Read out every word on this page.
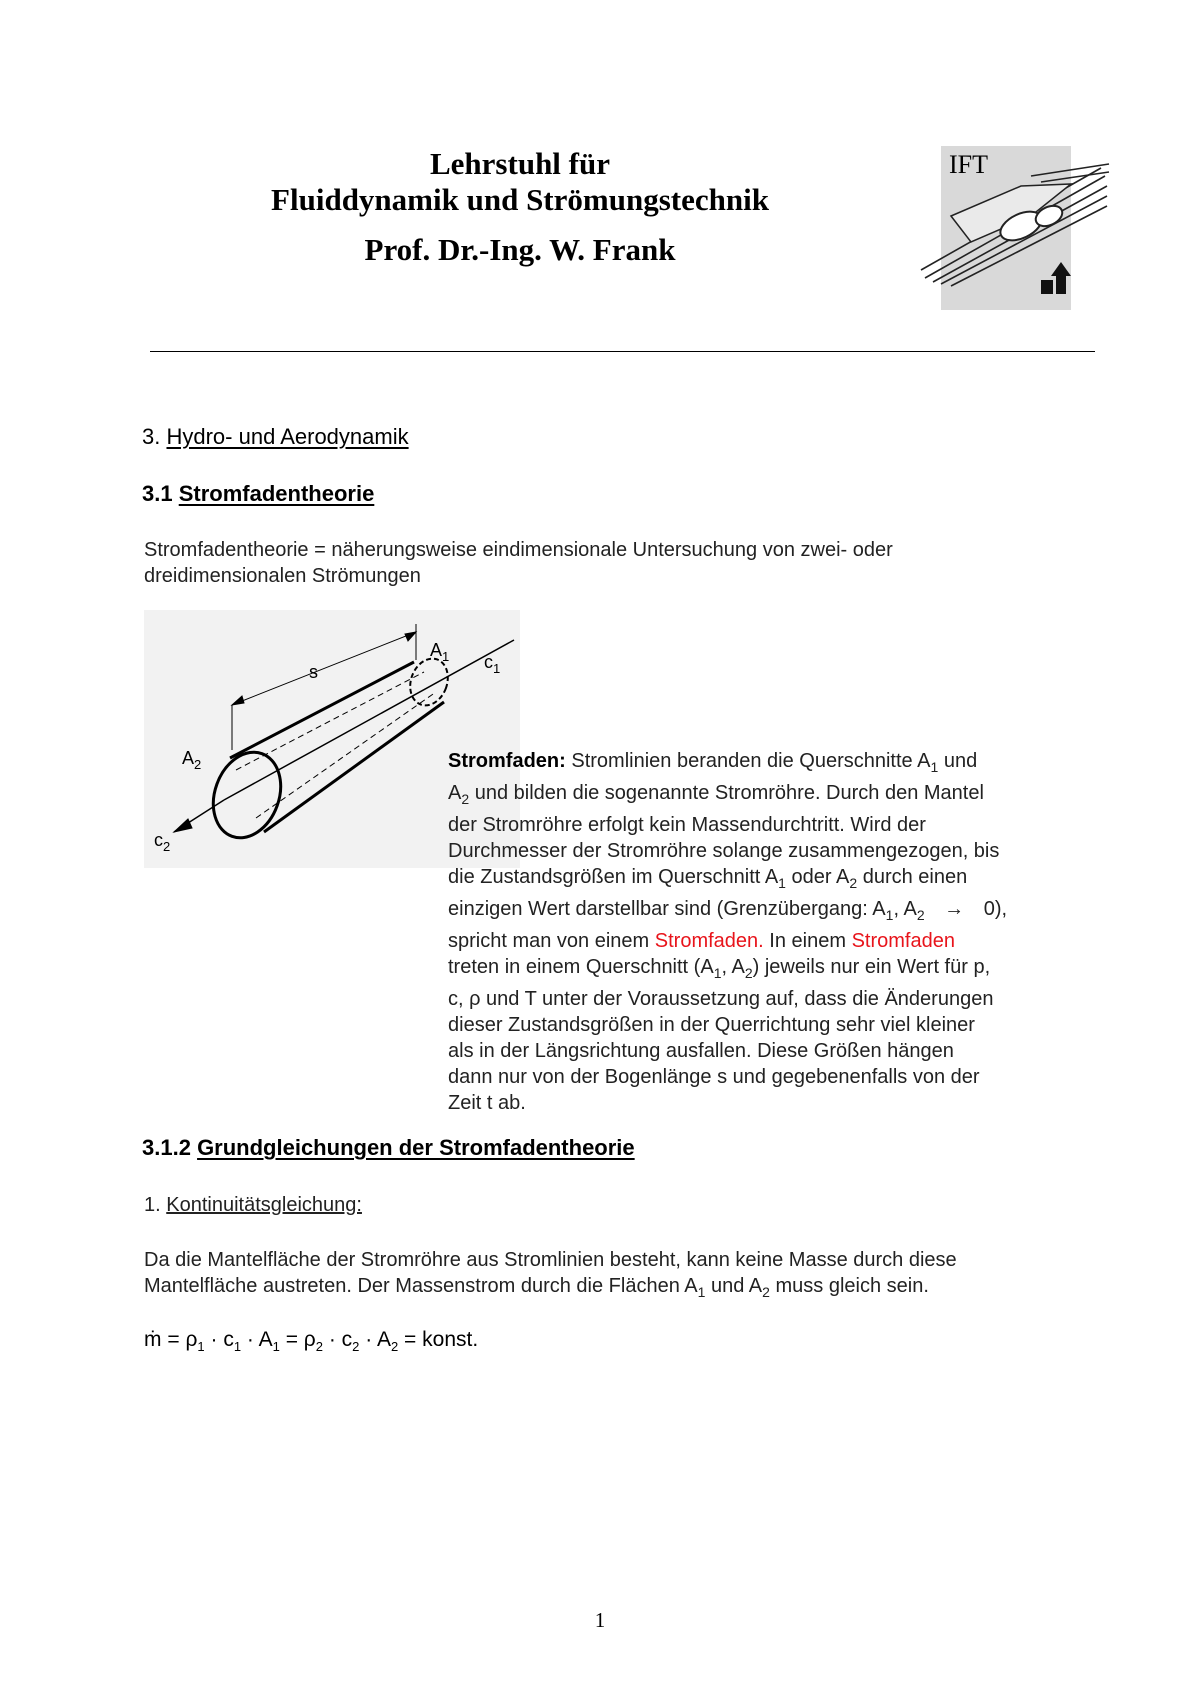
Lehrstuhl für
Fluiddynamik und Strömungstechnik
Prof. Dr.-Ing. W. Frank
IFT
3. Hydro- und Aerodynamik
3.1 Stromfadentheorie
Stromfadentheorie = näherungsweise eindimensionale Untersuchung von zwei- oder
dreidimensionalen Strömungen
s
$A_1$ $c_1$
$A_2$
$c_2$
Stromfaden: Stromlinien beranden die Querschnitte $A_1$ und
$A_2$ und bilden die sogenannte Stromröhre. Durch den Mantel
der Stromröhre erfolgt kein Massendurchtritt. Wird der
Durchmesser der Stromröhre solange zusammengezogen, bis
die Zustandsgrößen im Querschnitt $A_1$ oder $A_2$ durch einen
einzigen Wert darstellbar sind (Grenzübergang: $A_1$, $A_2 \to 0$),
spricht man von einem Stromfaden. In einem Stromfaden
treten in einem Querschnitt ($A_1$, $A_2$) jeweils nur ein Wert für p,
c, ρ und T unter der Voraussetzung auf, dass die Änderungen
dieser Zustandsgrößen in der Querrichtung sehr viel kleiner
als in der Längsrichtung ausfallen. Diese Größen hängen
dann nur von der Bogenlänge s und gegebenenfalls von der
Zeit t ab.
3.1.2 Grundgleichungen der Stromfadentheorie
1. Kontinuitätsgleichung:
Da die Mantelfläche der Stromröhre aus Stromlinien besteht, kann keine Masse durch diese
Mantelfläche austreten. Der Massenstrom durch die Flächen $A_1$ und $A_2$ muss gleich sein.
ṁ = $\rho_1 \cdot c_1 \cdot A_1 = \rho_2 \cdot c_2 \cdot A_2$ = konst.
1
